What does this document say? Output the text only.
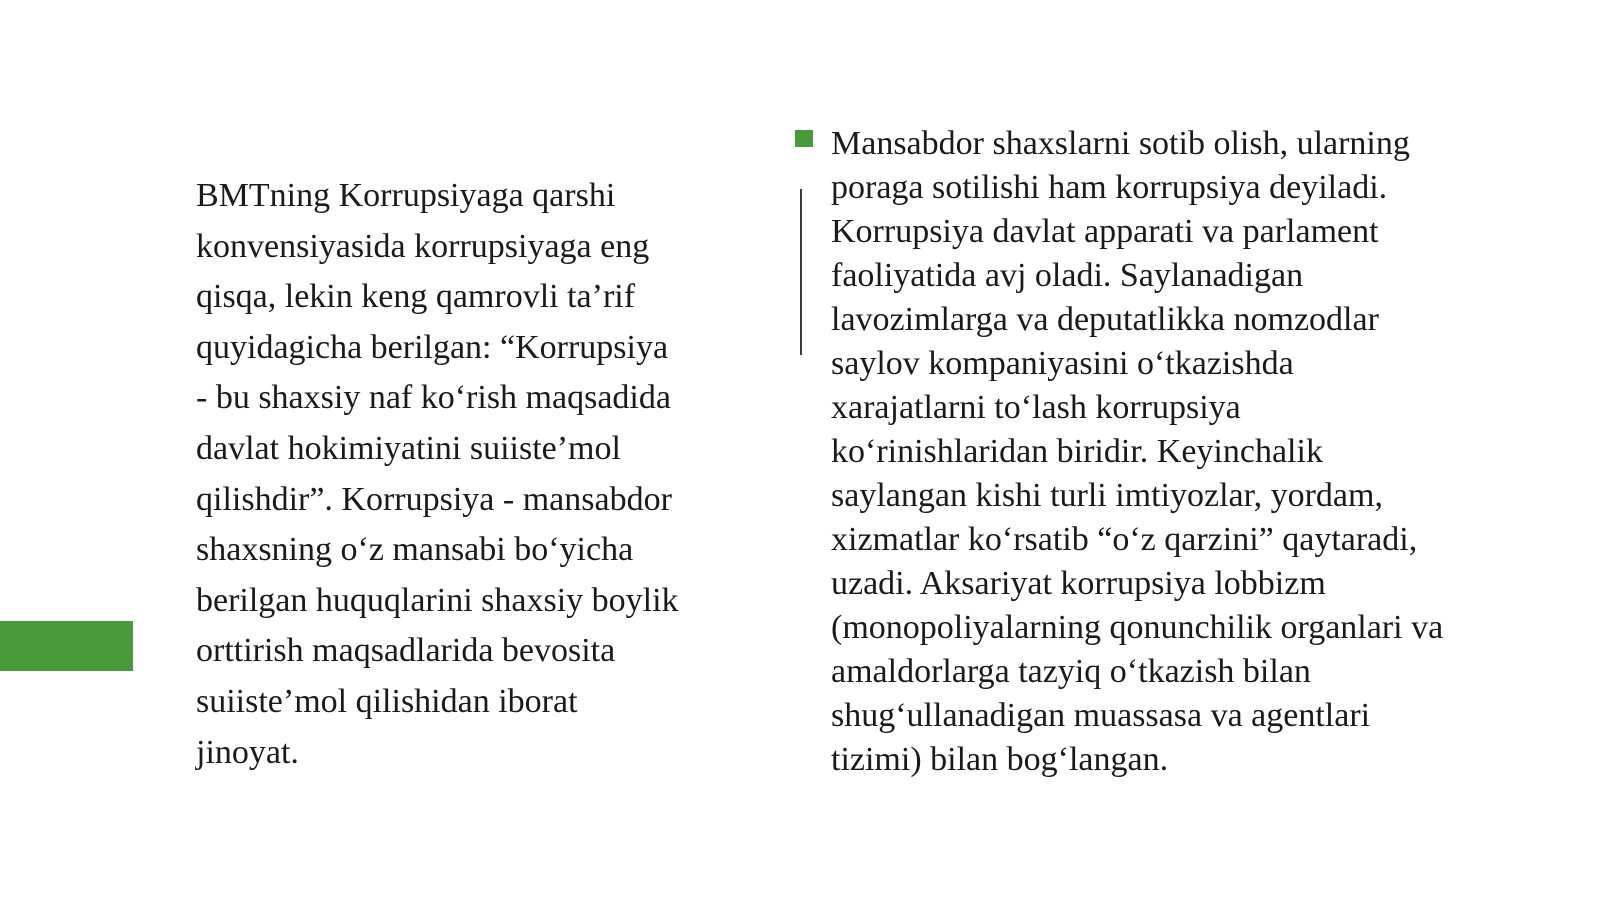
BMTning Korrupsiyaga qarshi
konvensiyasida korrupsiyaga eng
qisqa, lekin keng qamrovli ta’rif
quyidagicha berilgan: “Korrupsiya
- bu shaxsiy naf ko‘rish maqsadida
davlat hokimiyatini suiiste’mol
qilishdir”. Korrupsiya - mansabdor
shaxsning o‘z mansabi bo‘yicha
berilgan huquqlarini shaxsiy boylik
orttirish maqsadlarida bevosita
suiiste’mol qilishidan iborat
jinoyat.

Mansabdor shaxslarni sotib olish, ularning
poraga sotilishi ham korrupsiya deyiladi.
Korrupsiya davlat apparati va parlament
faoliyatida avj oladi. Saylanadigan
lavozimlarga va deputatlikka nomzodlar
saylov kompaniyasini o‘tkazishda
xarajatlarni to‘lash korrupsiya
ko‘rinishlaridan biridir. Keyinchalik
saylangan kishi turli imtiyozlar, yordam,
xizmatlar ko‘rsatib “o‘z qarzini” qaytaradi,
uzadi. Aksariyat korrupsiya lobbizm
(monopoliyalarning qonunchilik organlari va
amaldorlarga tazyiq o‘tkazish bilan
shug‘ullanadigan muassasa va agentlari
tizimi) bilan bog‘langan.
